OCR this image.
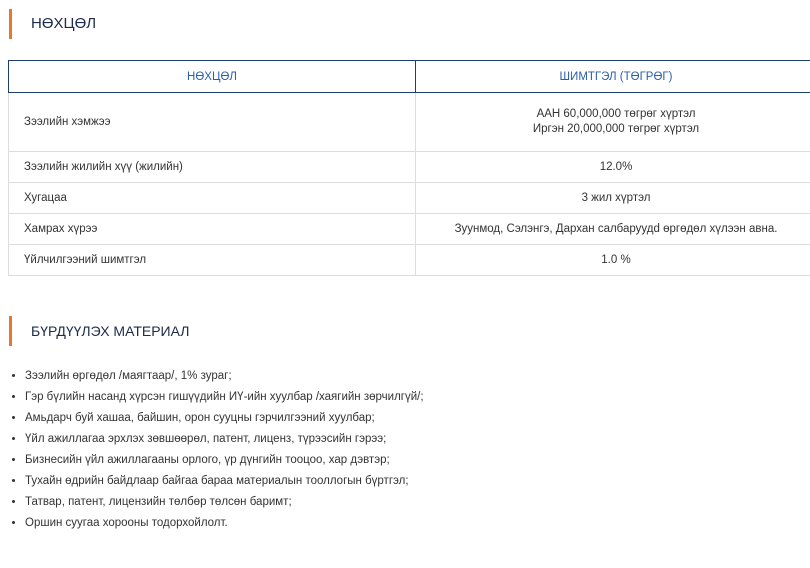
НӨХЦӨЛ
НӨХЦӨЛ	ШИМТГЭЛ (ТӨГРӨГ)
Зээлийн хэмжээ	ААН 60,000,000 төгрөг хүртэл
Иргэн 20,000,000 төгрөг хүртэл

Зээлийн жилийн хүү (жилийн)	12.0%
Хугацаа	3 жил хүртэл
Хамрах хүрээ	Зуунмод, Сэлэнгэ, Дархан салбаруудd өргөдөл хүлээн авна.
Үйлчилгээний шимтгэл	1.0 %
БҮРДҮҮЛЭХ МАТЕРИАЛ
• Зээлийн өргөдөл /маягтаар/, 1% зураг;
• Гэр бүлийн насанд хүрсэн гишүүдийн ИҮ-ийн хуулбар /хаягийн зөрчилгүй/;
• Амьдарч буй хашаа, байшин, орон сууцны гэрчилгээний хуулбар;
• Үйл ажиллагаа эрхлэх зөвшөөрөл, патент, лиценз, түрээсийн гэрээ;
• Бизнесийн үйл ажиллагааны орлого, үр дүнгийн тооцоо, хар дэвтэр;
• Тухайн өдрийн байдлаар байгаа бараа материалын тооллогын бүртгэл;
• Татвар, патент, лицензийн төлбөр төлсөн баримт;
• Оршин суугаа хорооны тодорхойлолт.
